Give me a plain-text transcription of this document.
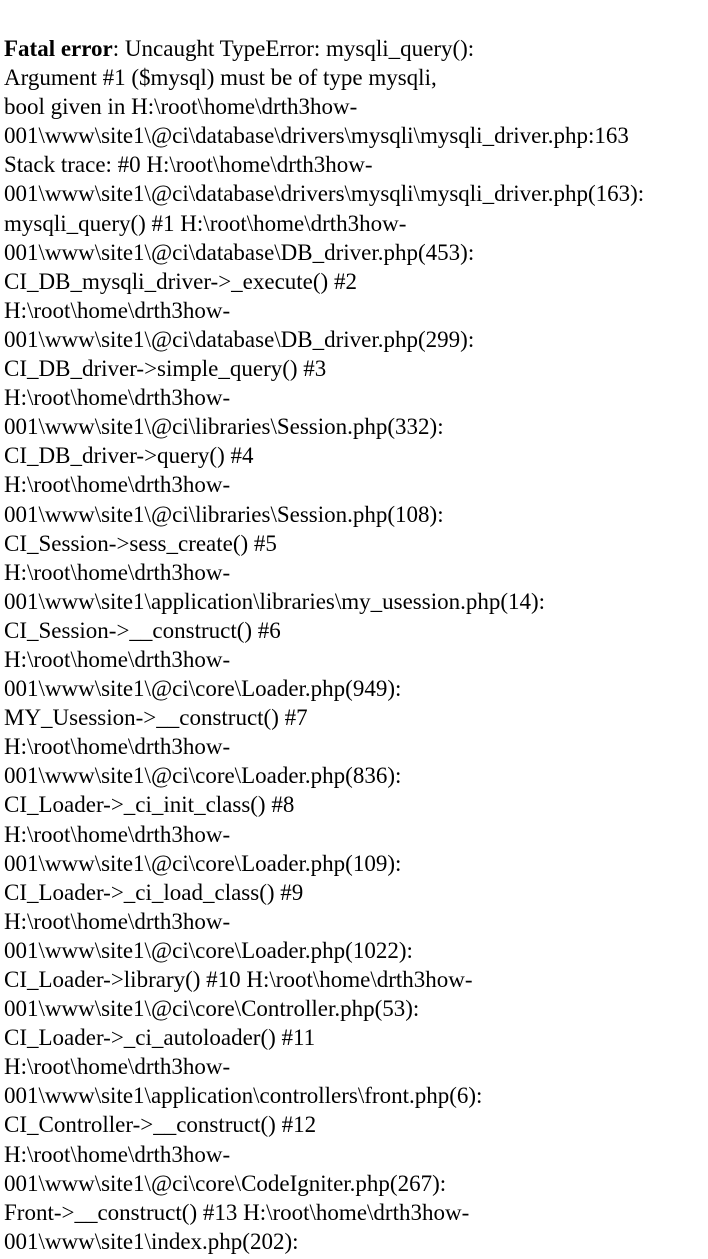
Fatal error: Uncaught TypeError: mysqli_query():
Argument #1 ($mysql) must be of type mysqli,
bool given in H:\root\home\drth3how-
001\www\site1\@ci\database\drivers\mysqli\mysqli_driver.php:163
Stack trace: #0 H:\root\home\drth3how-
001\www\site1\@ci\database\drivers\mysqli\mysqli_driver.php(163):
mysqli_query() #1 H:\root\home\drth3how-
001\www\site1\@ci\database\DB_driver.php(453):
CI_DB_mysqli_driver->_execute() #2
H:\root\home\drth3how-
001\www\site1\@ci\database\DB_driver.php(299):
CI_DB_driver->simple_query() #3
H:\root\home\drth3how-
001\www\site1\@ci\libraries\Session.php(332):
CI_DB_driver->query() #4
H:\root\home\drth3how-
001\www\site1\@ci\libraries\Session.php(108):
CI_Session->sess_create() #5
H:\root\home\drth3how-
001\www\site1\application\libraries\my_usession.php(14):
CI_Session->__construct() #6
H:\root\home\drth3how-
001\www\site1\@ci\core\Loader.php(949):
MY_Usession->__construct() #7
H:\root\home\drth3how-
001\www\site1\@ci\core\Loader.php(836):
CI_Loader->_ci_init_class() #8
H:\root\home\drth3how-
001\www\site1\@ci\core\Loader.php(109):
CI_Loader->_ci_load_class() #9
H:\root\home\drth3how-
001\www\site1\@ci\core\Loader.php(1022):
CI_Loader->library() #10 H:\root\home\drth3how-
001\www\site1\@ci\core\Controller.php(53):
CI_Loader->_ci_autoloader() #11
H:\root\home\drth3how-
001\www\site1\application\controllers\front.php(6):
CI_Controller->__construct() #12
H:\root\home\drth3how-
001\www\site1\@ci\core\CodeIgniter.php(267):
Front->__construct() #13 H:\root\home\drth3how-
001\www\site1\index.php(202):
